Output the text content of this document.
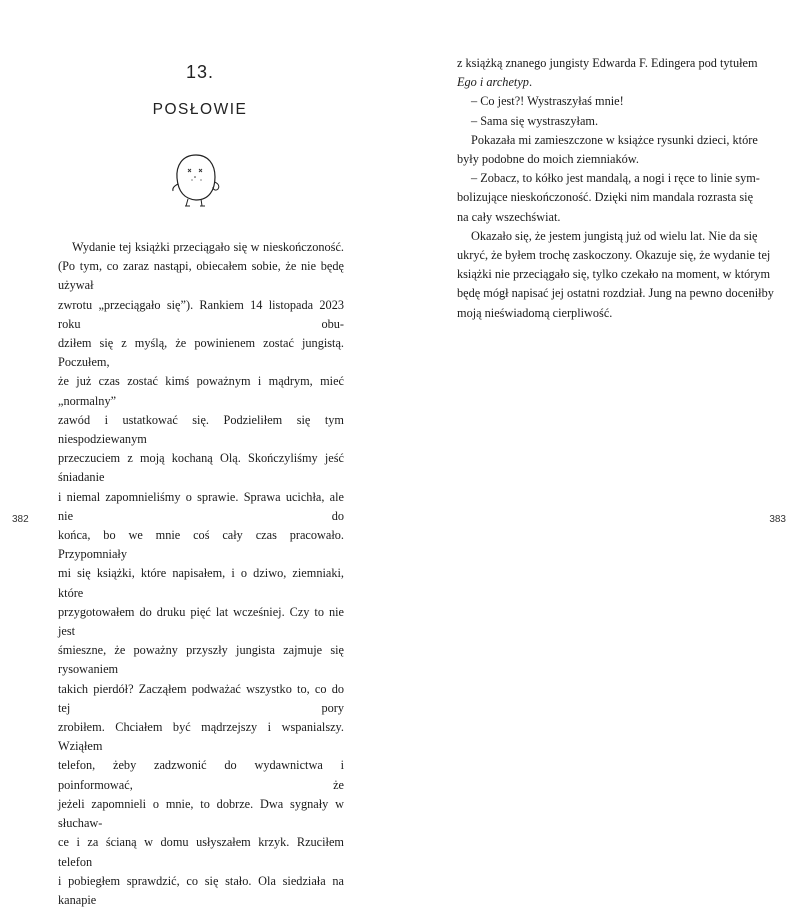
13.
POSŁOWIE
Wydanie tej książki przeciągało się w nieskończoność.
(Po tym, co zaraz nastąpi, obiecałem sobie, że nie będę używał
zwrotu „przeciągało się”). Rankiem 14 listopada 2023 roku obu-
dziłem się z myślą, że powinienem zostać jungistą. Poczułem,
że już czas zostać kimś poważnym i mądrym, mieć „normalny”
zawód i ustatkować się. Podzieliłem się tym niespodziewanym
przeczuciem z moją kochaną Olą. Skończyliśmy jeść śniadanie
i niemal zapomnieliśmy o sprawie. Sprawa ucichła, ale nie do
końca, bo we mnie coś cały czas pracowało. Przypomniały
mi się książki, które napisałem, i o dziwo, ziemniaki, które
przygotowałem do druku pięć lat wcześniej. Czy to nie jest
śmieszne, że poważny przyszły jungista zajmuje się rysowaniem
takich pierdół? Zacząłem podważać wszystko to, co do tej pory
zrobiłem. Chciałem być mądrzejszy i wspanialszy. Wziąłem
telefon, żeby zadzwonić do wydawnictwa i poinformować, że
jeżeli zapomnieli o mnie, to dobrze. Dwa sygnały w słuchaw-
ce i za ścianą w domu usłyszałem krzyk. Rzuciłem telefon
i pobiegłem sprawdzić, co się stało. Ola siedziała na kanapie
382
z książką znanego jungisty Edwarda F. Edingera pod tytułem
Ego i archetyp.
– Co jest?! Wystraszyłaś mnie!
– Sama się wystraszyłam.
Pokazała mi zamieszczone w książce rysunki dzieci, które
były podobne do moich ziemniaków.
– Zobacz, to kółko jest mandalą, a nogi i ręce to linie sym-
bolizujące nieskończoność. Dzięki nim mandala rozrasta się
na cały wszechświat.
Okazało się, że jestem jungistą już od wielu lat. Nie da się
ukryć, że byłem trochę zaskoczony. Okazuje się, że wydanie tej
książki nie przeciągało się, tylko czekało na moment, w którym
będę mógł napisać jej ostatni rozdział. Jung na pewno doceniłby
moją nieświadomą cierpliwość.
383
